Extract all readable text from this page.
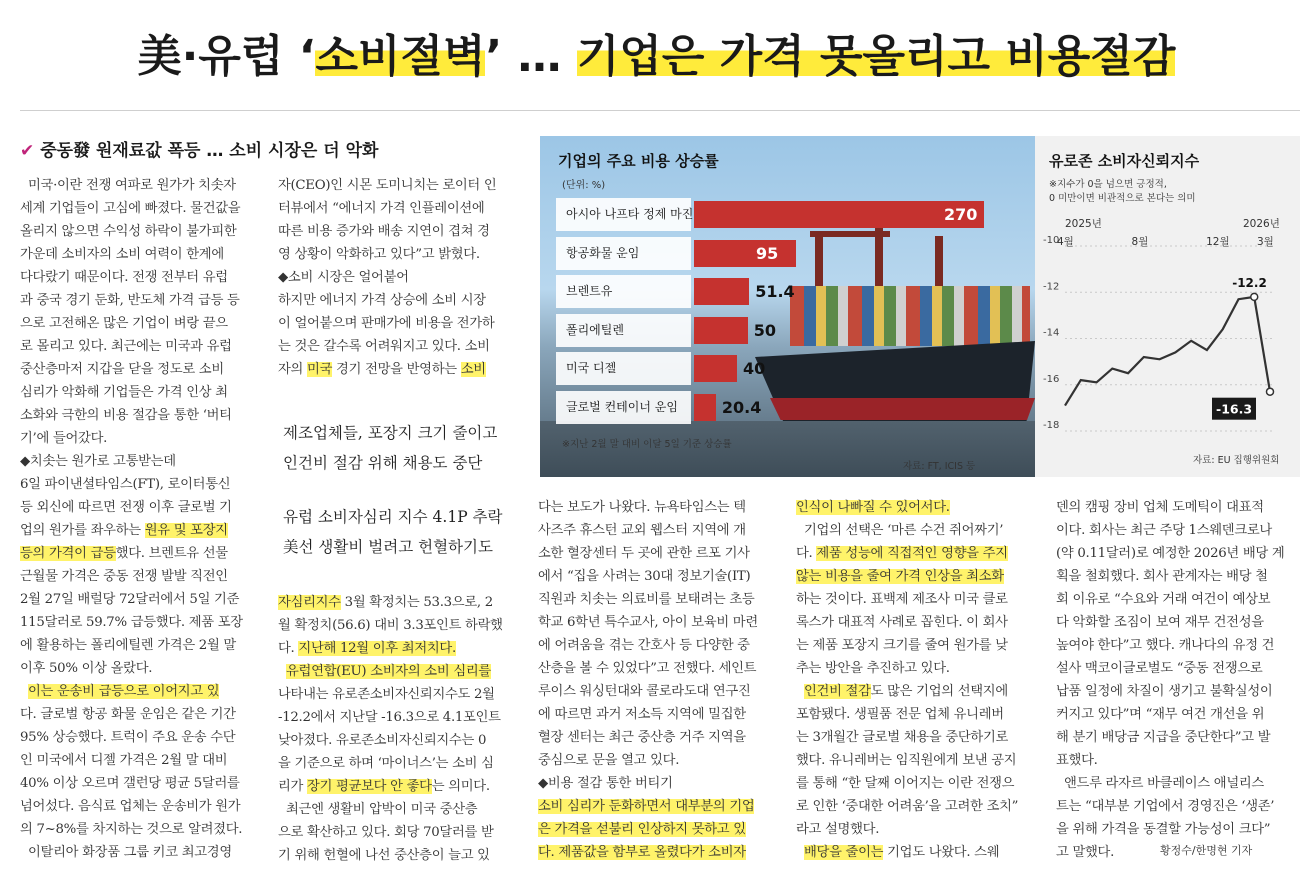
美·유럽 ‘소비절벽’ … 기업은 가격 못올리고 비용절감
✔ 중동發 원재료값 폭등 … 소비 시장은 더 악화
미국·이란 전쟁 여파로 원가가 치솟자
세계 기업들이 고심에 빠졌다. 물건값을
올리지 않으면 수익성 하락이 불가피한
가운데 소비자의 소비 여력이 한계에
다다랐기 때문이다. 전쟁 전부터 유럽
과 중국 경기 둔화, 반도체 가격 급등 등
으로 고전해온 많은 기업이 벼랑 끝으
로 몰리고 있다. 최근에는 미국과 유럽
중산층마저 지갑을 닫을 정도로 소비
심리가 악화해 기업들은 가격 인상 최
소화와 극한의 비용 절감을 통한 ‘버티
기’에 들어갔다.
◆치솟는 원가로 고통받는데
6일 파이낸셜타임스(FT), 로이터통신
등 외신에 따르면 전쟁 이후 글로벌 기
업의 원가를 좌우하는 원유 및 포장지
등의 가격이 급등했다. 브렌트유 선물
근월물 가격은 중동 전쟁 발발 직전인
2월 27일 배럴당 72달러에서 5일 기준
115달러로 59.7% 급등했다. 제품 포장
에 활용하는 폴리에틸렌 가격은 2월 말
이후 50% 이상 올랐다.
이는 운송비 급등으로 이어지고 있
다. 글로벌 항공 화물 운임은 같은 기간
95% 상승했다. 트럭이 주요 운송 수단
인 미국에서 디젤 가격은 2월 말 대비
40% 이상 오르며 갤런당 평균 5달러를
넘어섰다. 음식료 업체는 운송비가 원가
의 7~8%를 차지하는 것으로 알려졌다.
이탈리아 화장품 그룹 키코 최고경영
자(CEO)인 시몬 도미니치는 로이터 인
터뷰에서 “에너지 가격 인플레이션에
따른 비용 증가와 배송 지연이 겹쳐 경
영 상황이 악화하고 있다”고 밝혔다.
◆소비 시장은 얼어붙어
하지만 에너지 가격 상승에 소비 시장
이 얼어붙으며 판매가에 비용을 전가하
는 것은 갈수록 어려워지고 있다. 소비
자의 미국 경기 전망을 반영하는 소비
제조업체들, 포장지 크기 줄이고
인건비 절감 위해 채용도 중단
유럽 소비자심리 지수 4.1P 추락
美선 생활비 벌려고 헌혈하기도
자심리지수 3월 확정치는 53.3으로, 2
월 확정치(56.6) 대비 3.3포인트 하락했
다. 지난해 12월 이후 최저치다.
유럽연합(EU) 소비자의 소비 심리를
나타내는 유로존소비자신뢰지수도 2월
-12.2에서 지난달 -16.3으로 4.1포인트
낮아졌다. 유로존소비자신뢰지수는 0
을 기준으로 하며 ‘마이너스’는 소비 심
리가 장기 평균보다 안 좋다는 의미다.
최근엔 생활비 압박이 미국 중산층
으로 확산하고 있다. 회당 70달러를 받
기 위해 헌혈에 나선 중산층이 늘고 있
다는 보도가 나왔다. 뉴욕타임스는 텍
사즈주 휴스턴 교외 웹스터 지역에 개
소한 혈장센터 두 곳에 관한 르포 기사
에서 “집을 사려는 30대 정보기술(IT)
직원과 치솟는 의료비를 보태려는 초등
학교 6학년 특수교사, 아이 보육비 마련
에 어려움을 겪는 간호사 등 다양한 중
산층을 볼 수 있었다”고 전했다. 세인트
루이스 워싱턴대와 콜로라도대 연구진
에 따르면 과거 저소득 지역에 밀집한
혈장 센터는 최근 중산층 거주 지역을
중심으로 문을 열고 있다.
◆비용 절감 통한 버티기
소비 심리가 둔화하면서 대부분의 기업
은 가격을 섣불리 인상하지 못하고 있
다. 제품값을 함부로 올렸다가 소비자
인식이 나빠질 수 있어서다.
기업의 선택은 ‘마른 수건 쥐어짜기’
다. 제품 성능에 직접적인 영향을 주지
않는 비용을 줄여 가격 인상을 최소화
하는 것이다. 표백제 제조사 미국 클로
록스가 대표적 사례로 꼽힌다. 이 회사
는 제품 포장지 크기를 줄여 원가를 낮
추는 방안을 추진하고 있다.
인건비 절감도 많은 기업의 선택지에
포함됐다. 생필품 전문 업체 유니레버
는 3개월간 글로벌 채용을 중단하기로
했다. 유니레버는 임직원에게 보낸 공지
를 통해 “한 달째 이어지는 이란 전쟁으
로 인한 ‘중대한 어려움’을 고려한 조치”
라고 설명했다.
배당을 줄이는 기업도 나왔다. 스웨
덴의 캠핑 장비 업체 도메틱이 대표적
이다. 회사는 최근 주당 1스웨덴크로나
(약 0.11달러)로 예정한 2026년 배당 계
획을 철회했다. 회사 관계자는 배당 철
회 이유로 “수요와 거래 여건이 예상보
다 악화할 조짐이 보여 재무 건전성을
높여야 한다”고 했다. 캐나다의 유정 건
설사 맥코이글로벌도 “중동 전쟁으로
납품 일정에 차질이 생기고 불확실성이
커지고 있다”며 “재무 여건 개선을 위
해 분기 배당금 지급을 중단한다”고 발
표했다.
앤드루 라자르 바클레이스 애널리스
트는 “대부분 기업에서 경영진은 ‘생존’
을 위해 가격을 동결할 가능성이 크다”
고 말했다.	황정수/한명현 기자
기업의 주요 비용 상승률
(단위: %)
아시아 나프타 정제 마진	270
항공화물 운임	95
브렌트유	51.4
폴리에틸렌	50
미국 디젤	40
글로벌 컨테이너 운임	20.4
※지난 2월 말 대비 이달 5일 기준 상승률
자료: FT, ICIS 등
유로존 소비자신뢰지수
※지수가 0을 넘으면 긍정적,
0 미만이면 비관적으로 본다는 의미
-10
-12
-14
-16
-18
2025년	2026년
4월	8월	12월	3월
-12.2
-16.3
자료: EU 집행위원회
